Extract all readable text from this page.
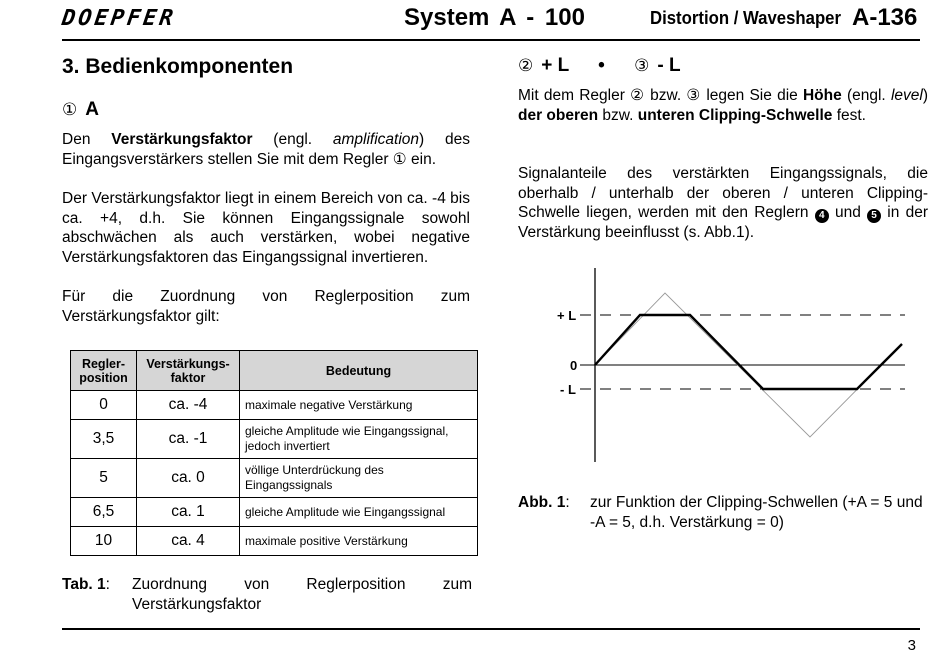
DOEPFER	System A - 100	Distortion / Waveshaper A-136
3. Bedienkomponenten
① A
Den Verstärkungsfaktor (engl. amplification) des Eingangsverstärkers stellen Sie mit dem Regler ① ein.
Der Verstärkungsfaktor liegt in einem Bereich von ca. -4 bis ca. +4, d.h. Sie können Eingangssignale sowohl abschwächen als auch verstärken, wobei negative Verstärkungsfaktoren das Eingangssignal invertieren.
Für die Zuordnung von Reglerposition zum Verstärkungsfaktor gilt:
Regler-position	Verstärkungs-faktor	Bedeutung
0	ca. -4	maximale negative Verstärkung
3,5	ca. -1	gleiche Amplitude wie Eingangssignal, jedoch invertiert
5	ca. 0	völlige Unterdrückung des Eingangssignals
6,5	ca. 1	gleiche Amplitude wie Eingangssignal
10	ca. 4	maximale positive Verstärkung
Tab. 1:	Zuordnung von Reglerposition zum Verstärkungsfaktor
② + L • ③ - L
Mit dem Regler ② bzw. ③ legen Sie die Höhe (engl. level) der oberen bzw. unteren Clipping-Schwelle fest.
Signalanteile des verstärkten Eingangssignals, die oberhalb / unterhalb der oberen / unteren Clipping-Schwelle liegen, werden mit den Reglern 4 und 5 in der Verstärkung beeinflusst (s. Abb.1).
+ L
0
- L
Abb. 1:	zur Funktion der Clipping-Schwellen (+A = 5 und -A = 5, d.h. Verstärkung = 0)
3
